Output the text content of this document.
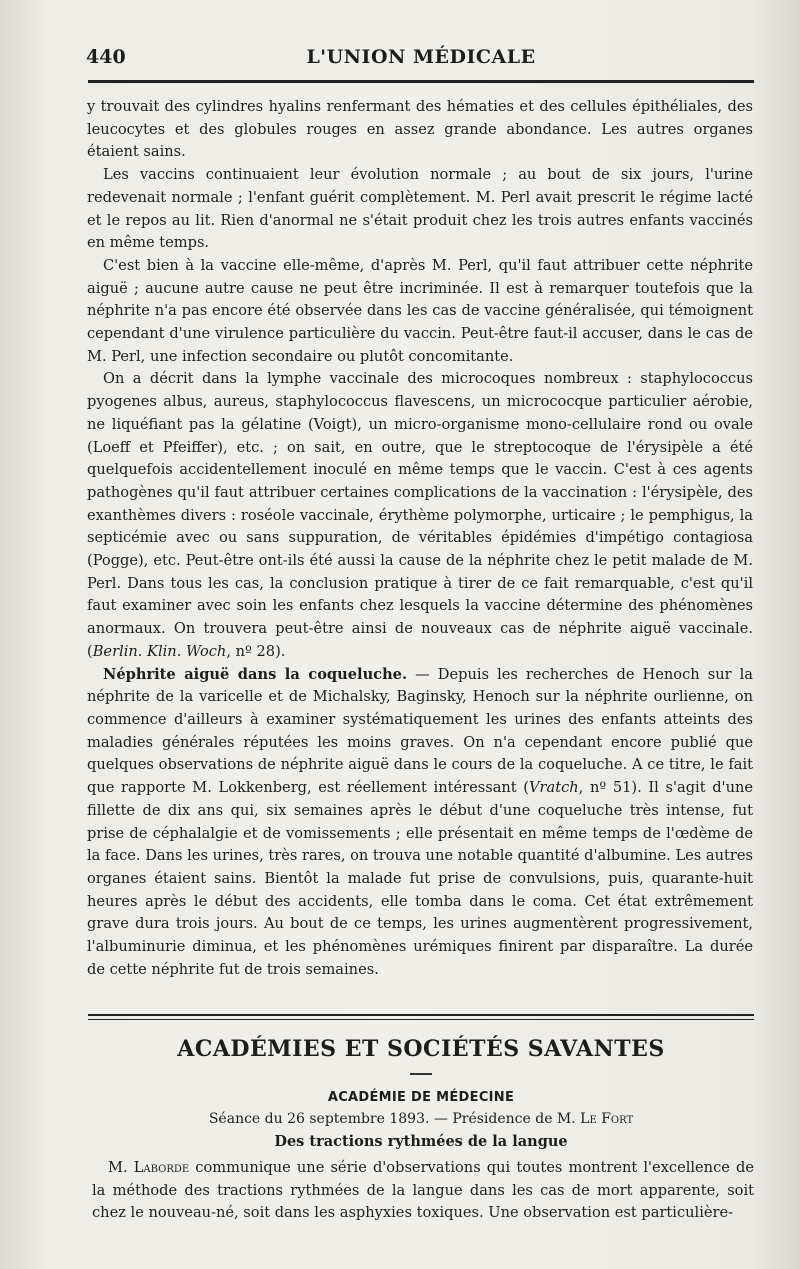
440	L'UNION MÉDICALE

y trouvait des cylindres hyalins renfermant des hématies et des cellules épithéliales, des leucocytes et des globules rouges en assez grande abondance. Les autres organes étaient sains.

Les vaccins continuaient leur évolution normale ; au bout de six jours, l'urine redevenait normale ; l'enfant guérit complètement. M. Perl avait prescrit le régime lacté et le repos au lit. Rien d'anormal ne s'était produit chez les trois autres enfants vaccinés en même temps.

C'est bien à la vaccine elle-même, d'après M. Perl, qu'il faut attribuer cette néphrite aiguë ; aucune autre cause ne peut être incriminée. Il est à remarquer toutefois que la néphrite n'a pas encore été observée dans les cas de vaccine généralisée, qui témoignent cependant d'une virulence particulière du vaccin. Peut-être faut-il accuser, dans le cas de M. Perl, une infection secondaire ou plutôt concomitante.

On a décrit dans la lymphe vaccinale des microcoques nombreux : staphylococcus pyogenes albus, aureus, staphylococcus flavescens, un micrococque particulier aérobie, ne liquéfiant pas la gélatine (Voigt), un micro-organisme mono-cellulaire rond ou ovale (Loeff et Pfeiffer), etc. ; on sait, en outre, que le streptocoque de l'érysipèle a été quelquefois accidentellement inoculé en même temps que le vaccin. C'est à ces agents pathogènes qu'il faut attribuer certaines complications de la vaccination : l'érysipèle, des exanthèmes divers : roséole vaccinale, érythème polymorphe, urticaire ; le pemphigus, la septicémie avec ou sans suppuration, de véritables épidémies d'impétigo contagiosa (Pogge), etc. Peut-être ont-ils été aussi la cause de la néphrite chez le petit malade de M. Perl. Dans tous les cas, la conclusion pratique à tirer de ce fait remarquable, c'est qu'il faut examiner avec soin les enfants chez lesquels la vaccine détermine des phénomènes anormaux. On trouvera peut-être ainsi de nouveaux cas de néphrite aiguë vaccinale. (Berlin. Klin. Woch, nº 28).

Néphrite aiguë dans la coqueluche. — Depuis les recherches de Henoch sur la néphrite de la varicelle et de Michalsky, Baginsky, Henoch sur la néphrite ourlienne, on commence d'ailleurs à examiner systématiquement les urines des enfants atteints des maladies générales réputées les moins graves. On n'a cependant encore publié que quelques observations de néphrite aiguë dans le cours de la coqueluche. A ce titre, le fait que rapporte M. Lokkenberg, est réellement intéressant (Vratch, nº 51). Il s'agit d'une fillette de dix ans qui, six semaines après le début d'une coqueluche très intense, fut prise de céphalalgie et de vomissements ; elle présentait en même temps de l'œdème de la face. Dans les urines, très rares, on trouva une notable quantité d'albumine. Les autres organes étaient sains. Bientôt la malade fut prise de convulsions, puis, quarante-huit heures après le début des accidents, elle tomba dans le coma. Cet état extrêmement grave dura trois jours. Au bout de ce temps, les urines augmentèrent progressivement, l'albuminurie diminua, et les phénomènes urémiques finirent par disparaître. La durée de cette néphrite fut de trois semaines.

ACADÉMIES ET SOCIÉTÉS SAVANTES
ACADÉMIE DE MÉDECINE
Séance du 26 septembre 1893. — Présidence de M. Le Fort
Des tractions rythmées de la langue

M. Laborde communique une série d'observations qui toutes montrent l'excellence de la méthode des tractions rythmées de la langue dans les cas de mort apparente, soit chez le nouveau-né, soit dans les asphyxies toxiques. Une observation est particulière-
